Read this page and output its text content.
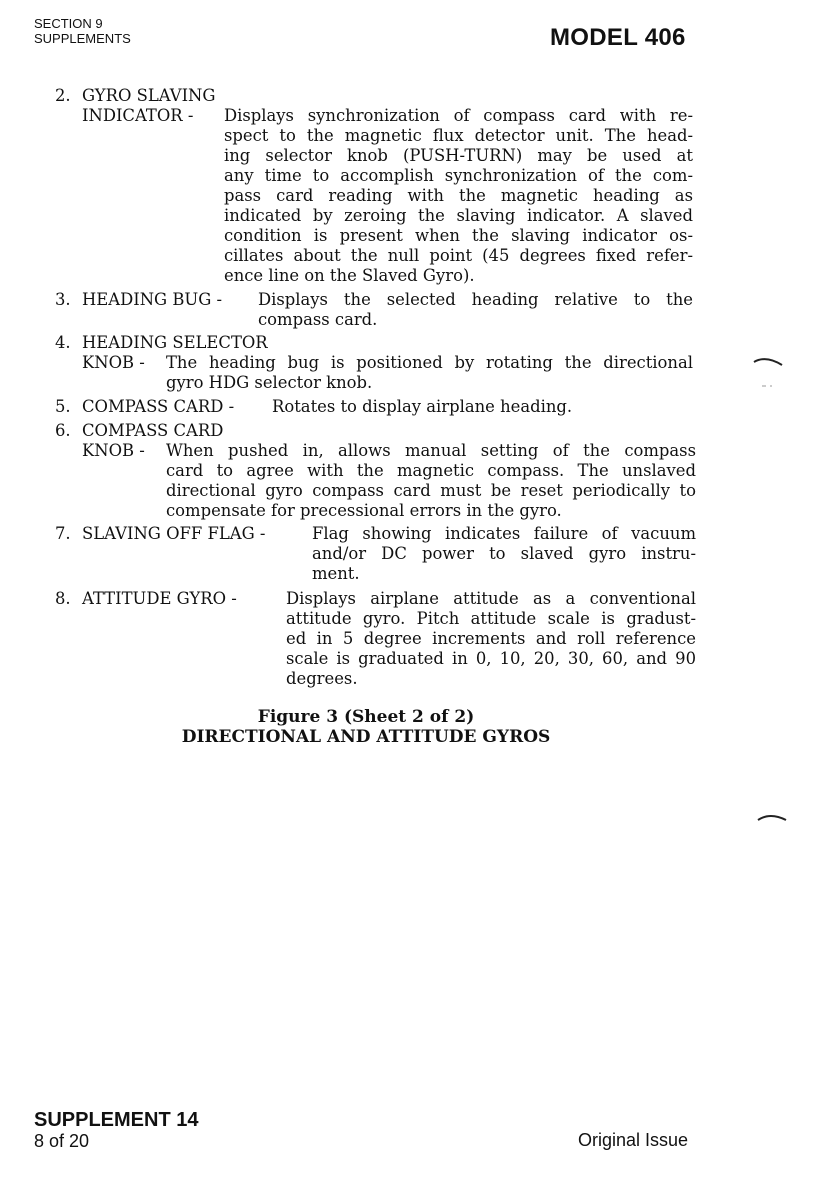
SECTION 9
SUPPLEMENTS	MODEL 406
2. GYRO SLAVING
INDICATOR - Displays synchronization of compass card with re-
spect to the magnetic flux detector unit. The head-
ing selector knob (PUSH-TURN) may be used at
any time to accomplish synchronization of the com-
pass card reading with the magnetic heading as
indicated by zeroing the slaving indicator. A slaved
condition is present when the slaving indicator os-
cillates about the null point (45 degrees fixed refer-
ence line on the Slaved Gyro).
3. HEADING BUG - Displays the selected heading relative to the
compass card.
4. HEADING SELECTOR
KNOB - The heading bug is positioned by rotating the directional
gyro HDG selector knob.
5. COMPASS CARD - Rotates to display airplane heading.
6. COMPASS CARD
KNOB - When pushed in, allows manual setting of the compass
card to agree with the magnetic compass. The unslaved
directional gyro compass card must be reset periodically to
compensate for precessional errors in the gyro.
7. SLAVING OFF FLAG -	Flag showing indicates failure of vacuum
and/or DC power to slaved gyro instru-
ment.
8. ATTITUDE GYRO -	Displays airplane attitude as a conventional
attitude gyro. Pitch attitude scale is gradust-
ed in 5 degree increments and roll reference
scale is graduated in 0, 10, 20, 30, 60, and 90
degrees.
Figure 3 (Sheet 2 of 2)
DIRECTIONAL AND ATTITUDE GYROS
SUPPLEMENT 14
8 of 20	Original Issue
